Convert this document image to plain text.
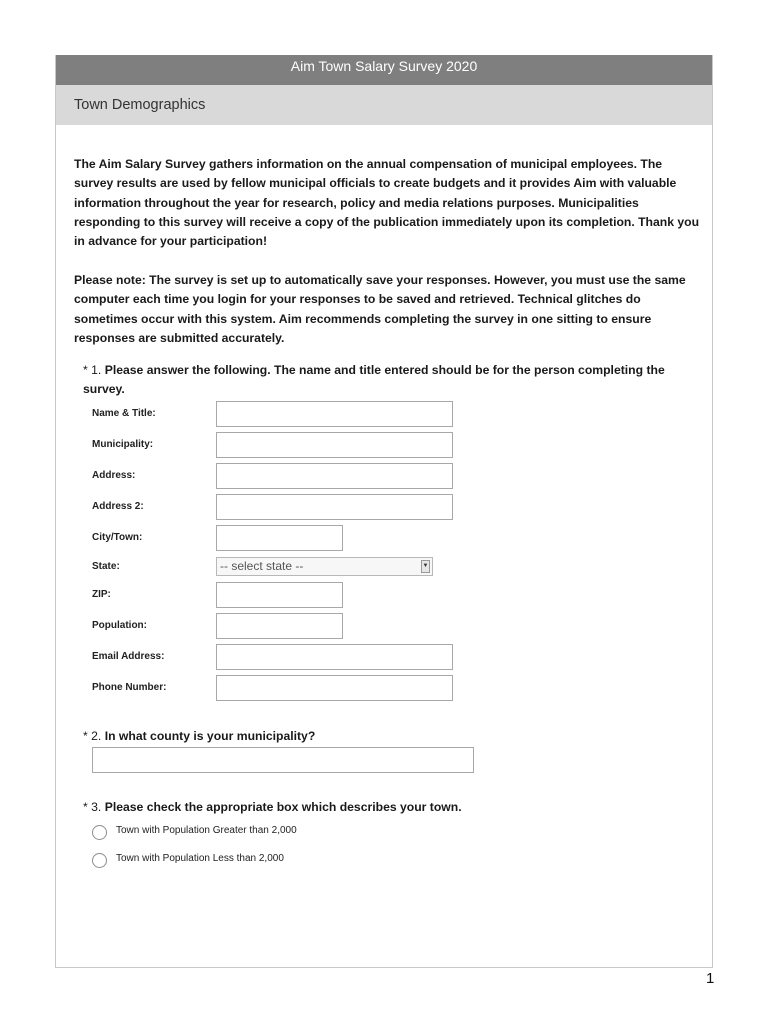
Aim Town Salary Survey 2020
Town Demographics

The Aim Salary Survey gathers information on the annual compensation of municipal employees. The survey results are used by fellow municipal officials to create budgets and it provides Aim with valuable information throughout the year for research, policy and media relations purposes. Municipalities responding to this survey will receive a copy of the publication immediately upon its completion. Thank you in advance for your participation!

Please note: The survey is set up to automatically save your responses. However, you must use the same computer each time you login for your responses to be saved and retrieved. Technical glitches do sometimes occur with this system. Aim recommends completing the survey in one sitting to ensure responses are submitted accurately.

* 1. Please answer the following. The name and title entered should be for the person completing the survey.
Name & Title:
Municipality:
Address:
Address 2:
City/Town:
State:	-- select state --	▼
ZIP:
Population:
Email Address:
Phone Number:
* 2. In what county is your municipality?
* 3. Please check the appropriate box which describes your town.
Town with Population Greater than 2,000
Town with Population Less than 2,000
1
